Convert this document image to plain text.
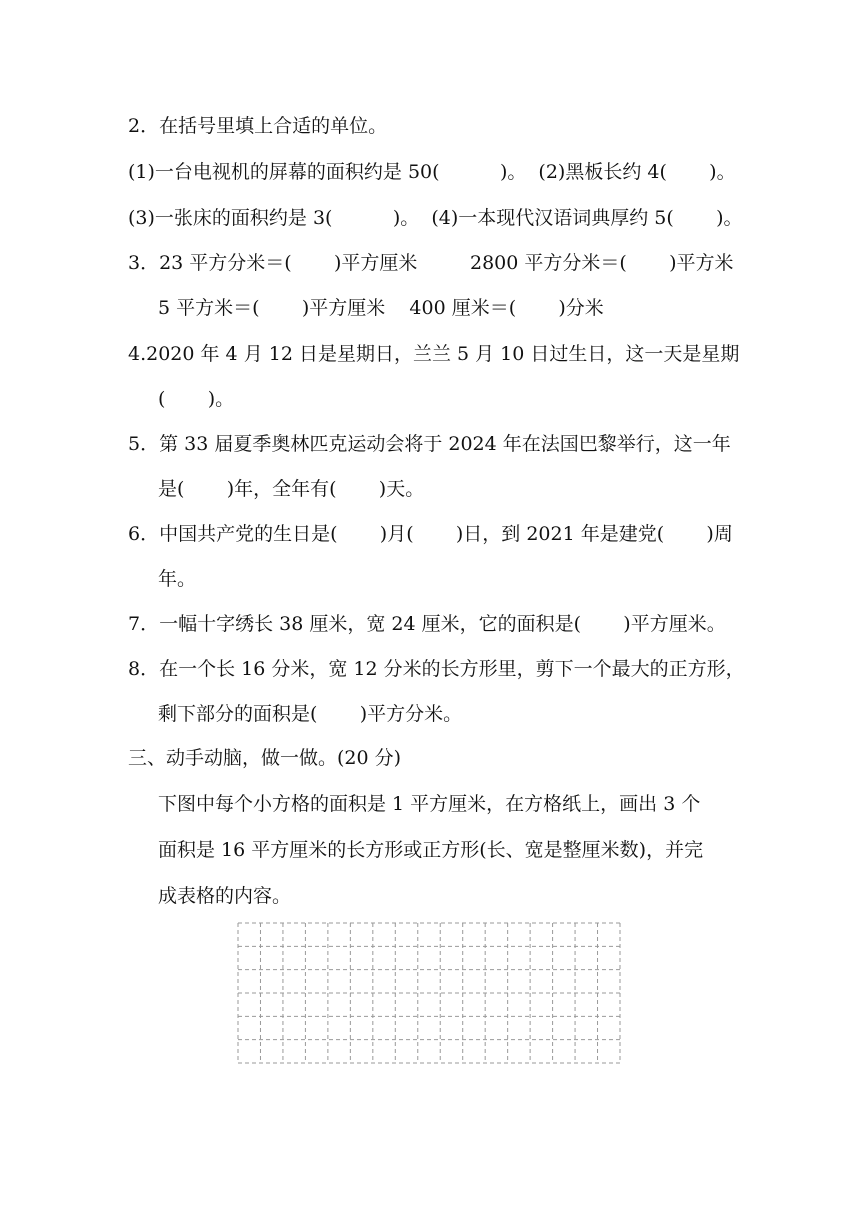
2．在括号里填上合适的单位。
(1)一台电视机的屏幕的面积约是 50(          )。  (2)黑板长约 4(       )。
(3)一张床的面积约是 3(          )。  (4)一本现代汉语词典厚约 5(       )。
3．23 平方分米＝(       )平方厘米	2800 平方分米＝(       )平方米
5 平方米＝(       )平方厘米    400 厘米＝(       )分米
4.2020 年 4 月 12 日是星期日，兰兰 5 月 10 日过生日，这一天是星期
(       )。
5．第 33 届夏季奥林匹克运动会将于 2024 年在法国巴黎举行，这一年
是(       )年，全年有(       )天。
6．中国共产党的生日是(       )月(       )日，到 2021 年是建党(       )周
年。
7．一幅十字绣长 38 厘米，宽 24 厘米，它的面积是(       )平方厘米。
8．在一个长 16 分米，宽 12 分米的长方形里，剪下一个最大的正方形，
剩下部分的面积是(       )平方分米。
三、动手动脑，做一做。(20 分)
下图中每个小方格的面积是 1 平方厘米，在方格纸上，画出 3 个
面积是 16 平方厘米的长方形或正方形(长、宽是整厘米数)，并完
成表格的内容。
